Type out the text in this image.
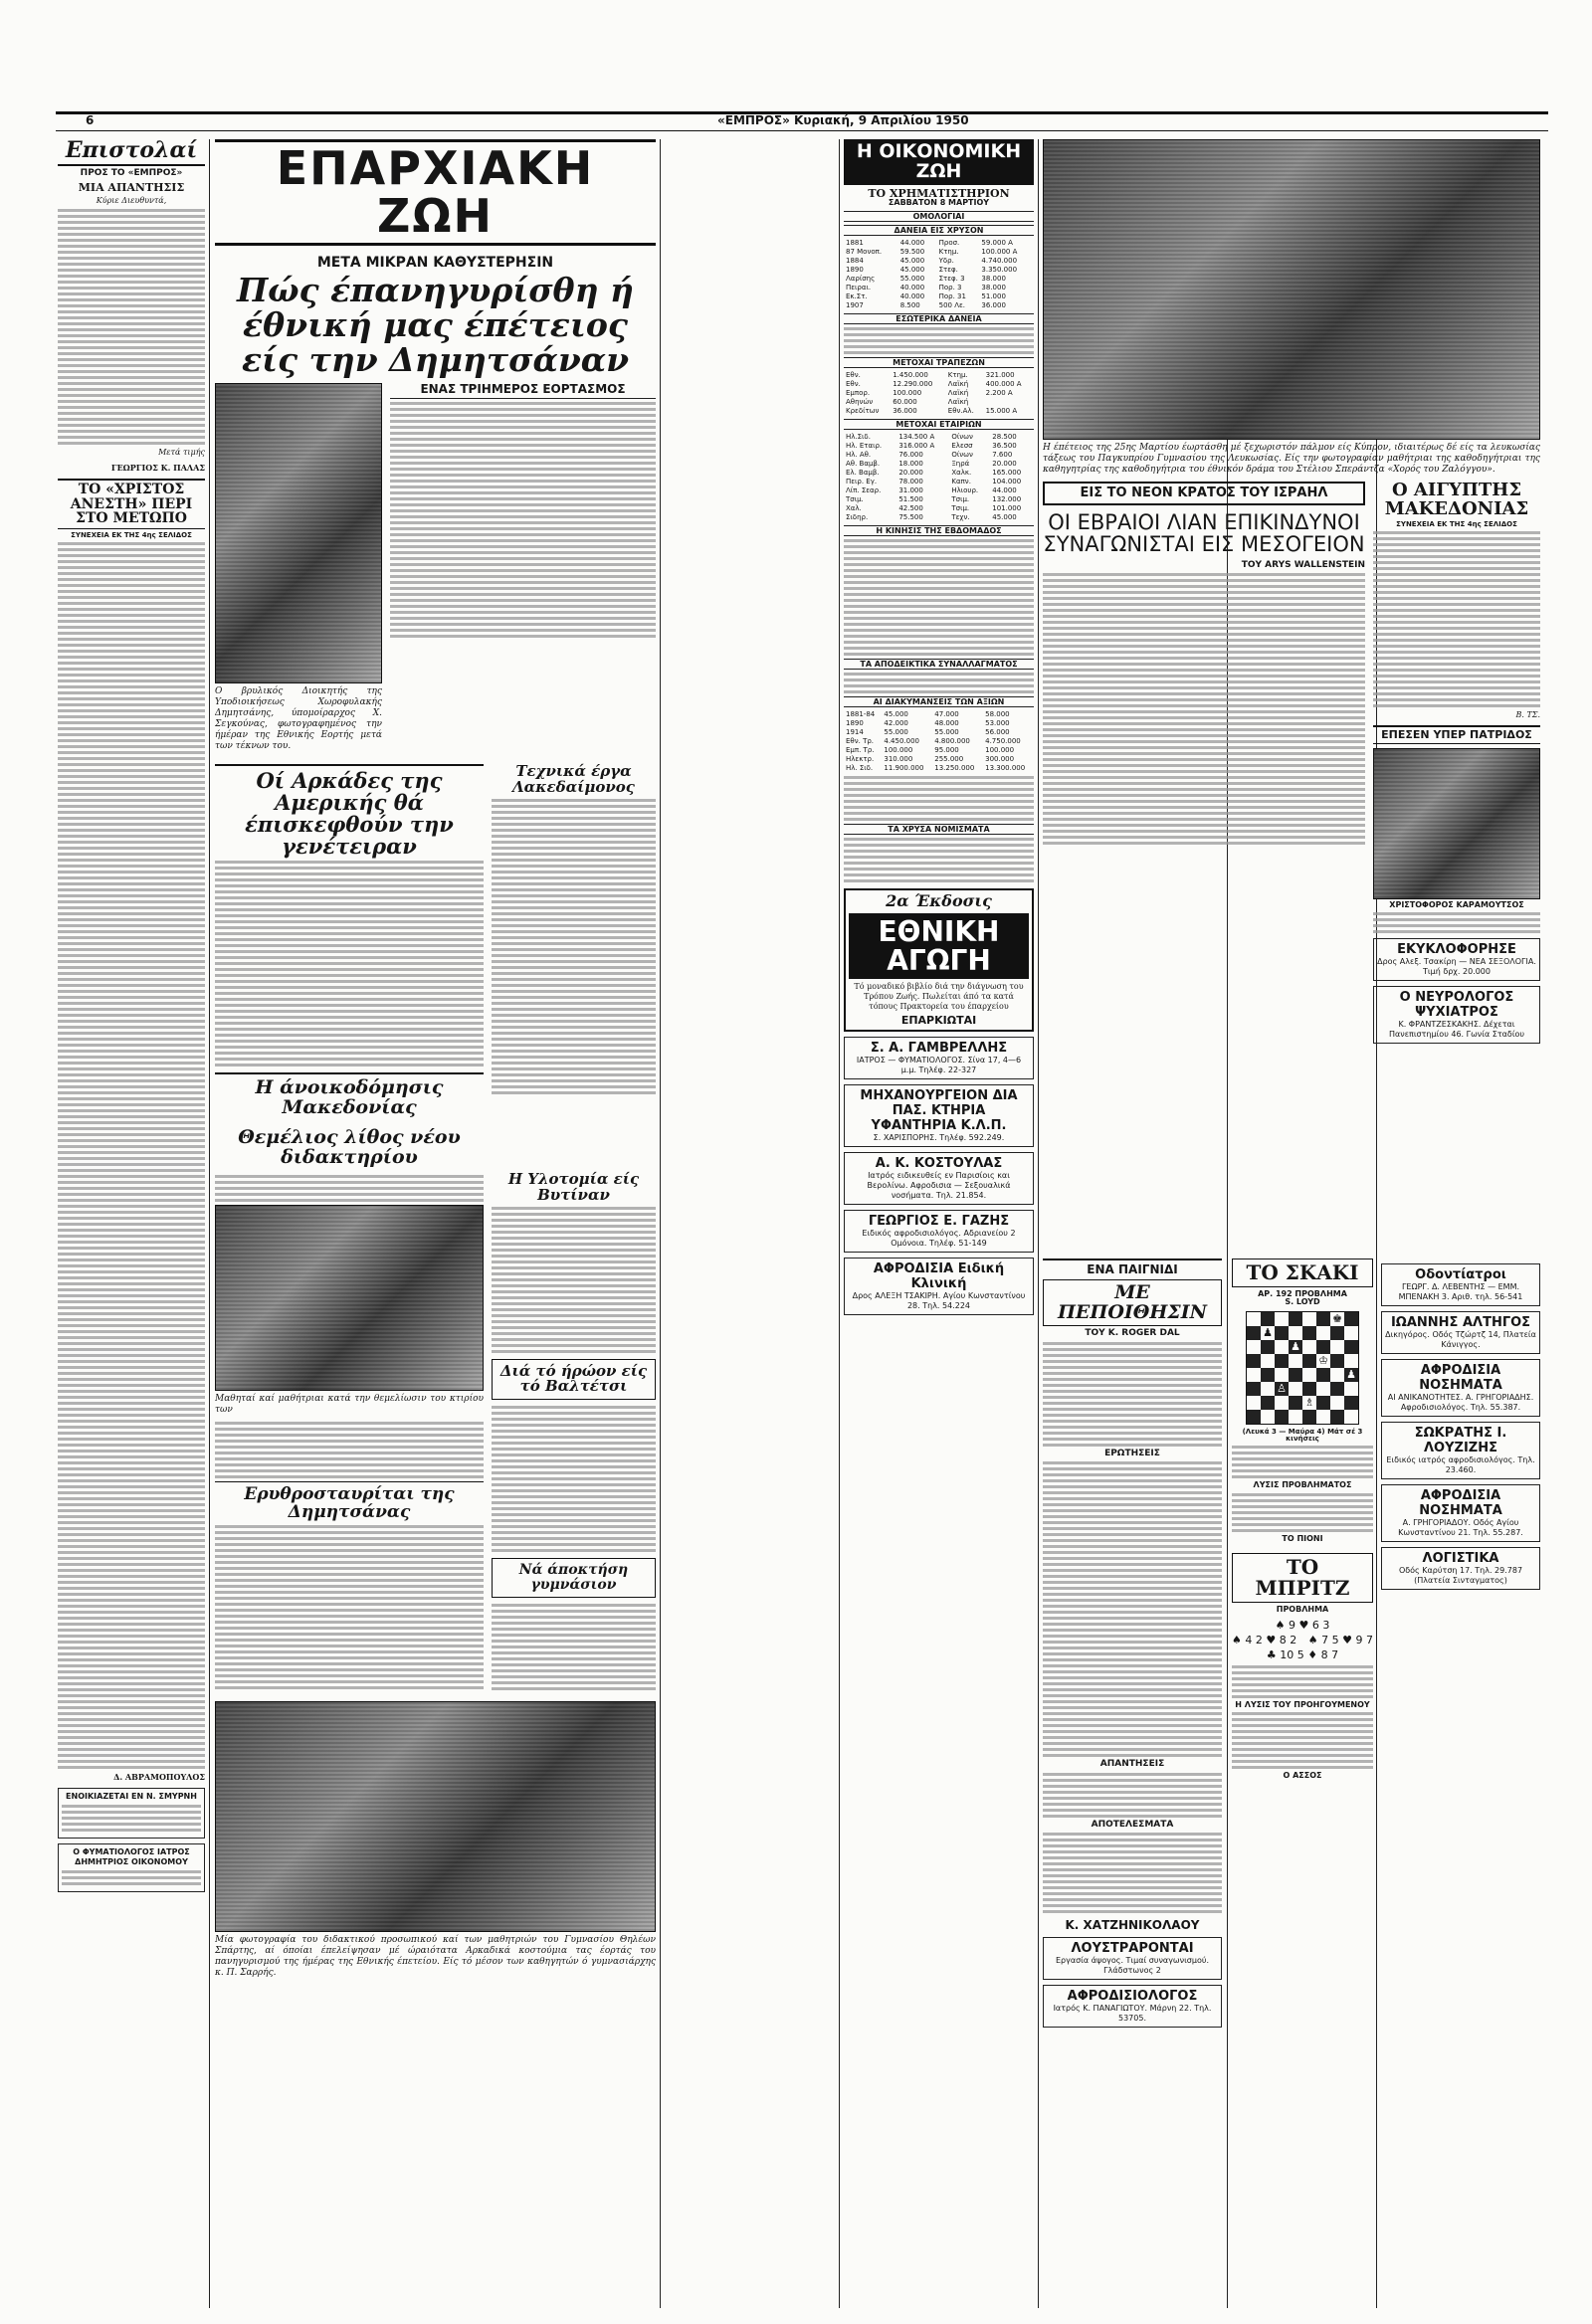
6	«ΕΜΠΡΟΣ» Κυριακή, 9 Απριλίου 1950
Επιστολαί
ΠΡΟΣ ΤΟ «ΕΜΠΡΟΣ»
ΜΙΑ ΑΠΑΝΤΗΣΙΣ

Κύριε Διευθυντά,

Μετά τιμής

ΓΕΩΡΓΙΟΣ Κ. ΠΑΛΑΣ

ΤΟ «ΧΡΙΣΤΟΣ ΑΝΕΣΤΗ» ΠΕΡΙ ΣΤΟ ΜΕΤΩΠΟ
ΣΥΝΕΧΕΙΑ ΕΚ ΤΗΣ 4ης ΣΕΛΙΔΟΣ

Δ. ΑΒΡΑΜΟΠΟΥΛΟΣ

ΕΝΟΙΚΙΑΖΕΤΑΙ ΕΝ Ν. ΣΜΥΡΝΗ
Ο ΦΥΜΑΤΙΟΛΟΓΟΣ ΙΑΤΡΟΣ ΔΗΜΗΤΡΙΟΣ ΟΙΚΟΝΟΜΟΥ
ΕΠΑΡΧΙΑΚΗ ΖΩΗ
ΜΕΤΑ ΜΙΚΡΑΝ ΚΑΘΥΣΤΕΡΗΣΙΝ
Πώς έπανηγυρίσθη ή έθνική μας έπέτειος είς την Δημητσάναν

Ο βρυλικός Διοικητής της Υποδιοικήσεως Χωροφυλακής Δημητσάνης, ύπομοίραρχος Χ. Σεγκούνας, φωτογραφημένος την ήμέραν της Εθνικής Εορτής μετά των τέκνων του.

ΕΝΑΣ ΤΡΙΗΜΕΡΟΣ ΕΟΡΤΑΣΜΟΣ
Οί Αρκάδες της Αμερικής θά έπισκεφθούν την γενέτειραν
Η άνοικοδόμησις Μακεδονίας
Θεμέλιος λίθος νέου διδακτηρίου
Τεχνικά έργα Λακεδαίμονος

Μαθηταί καί μαθήτριαι κατά την θεμελίωσιν του κτιρίου των

Ερυθροσταυρίται της Δημητσάνας
Η Υλοτομία είς Βυτίναν
Διά τό ήρώον είς τό Βαλτέτσι
Νά άποκτήση γυμνάσιον

Μία φωτογραφία του διδακτικού προσωπικού καί των μαθητριών του Γυμνασίου Θηλέων Σπάρτης, αί όποίαι έπελείψησαν μέ ώραιότατα Αρκαδικά κοστούμια τας έορτάς του πανηγυρισμού της ήμέρας της Εθνικής έπετείου. Είς τό μέσον των καθηγητών ό γυμνασιάρχης κ. Π. Σαρρής.

Η ΟΙΚΟΝΟΜΙΚΗ ΖΩΗ
ΤΟ ΧΡΗΜΑΤΙΣΤΗΡΙΟΝ
ΣΑΒΒΑΤΟΝ 8 ΜΑΡΤΙΟΥ
ΟΜΟΛΟΓΙΑΙ
ΔΑΝΕΙΑ ΕΙΣ ΧΡΥΣΟΝ
1881	44.000	Προσ.	59.000 Α
87 Μονοπ.	59.500	Κτημ.	100.000 Α
1884	45.000	Υδρ.	4.740.000
1890	45.000	Στεφ.	3.350.000
Λαρίσης	55.000	Στεφ. 3	38.000
Πειραι.	40.000	Πορ. 3	38.000
Εκ.Στ.	40.000	Πορ. 31	51.000
1907	8.500	500 Λε.	36.000
ΕΣΩΤΕΡΙΚΑ ΔΑΝΕΙΑ
ΜΕΤΟΧΑΙ ΤΡΑΠΕΖΩΝ
Εθν.	1.450.000	Κτημ.	321.000
Εθν.	12.290.000	Λαϊκή	400.000 Α
Εμπορ.	100.000	Λαϊκή	2.200 Α
Αθηνών	60.000	Λαϊκή	
Κρεδίτων	36.000	Εθν.Αλ.	15.000 Α
ΜΕΤΟΧΑΙ ΕΤΑΙΡΙΩΝ
Ηλ.Σιδ.	134.500 Α	Οίνων	28.500
Ηλ. Εταιρ.	316.000 Α	Ελεσσ	36.500
Ηλ. Αθ.	76.000	Οίνων	7.600
Αθ. Βαμβ.	18.000	Ξηρά	20.000
Ελ. Βαμβ.	20.000	Χαλκ.	165.000
Πειρ. Εγ.	78.000	Καπν.	104.000
Λίπ. Σεαρ.	31.000	Ηλιουρ.	44.000
Τσιμ.	51.500	Τσιμ.	132.000
Χαλ.	42.500	Τσιμ.	101.000
Σιδηρ.	75.500	Τεχν.	45.000
Η ΚΙΝΗΣΙΣ ΤΗΣ ΕΒΔΟΜΑΔΟΣ
ΤΑ ΑΠΟΔΕΙΚΤΙΚΑ ΣΥΝΑΛΛΑΓΜΑΤΟΣ
ΑΙ ΔΙΑΚΥΜΑΝΣΕΙΣ ΤΩΝ ΑΞΙΩΝ
1881-84	45.000	47.000	58.000
1890	42.000	48.000	53.000
1914	55.000	55.000	56.000
Εθν. Τρ.	4.450.000	4.800.000	4.750.000
Εμπ. Τρ.	100.000	95.000	100.000
Ηλεκτρ.	310.000	255.000	300.000
Ηλ. Σιδ.	11.900.000	13.250.000	13.300.000
ΤΑ ΧΡΥΣΑ ΝΟΜΙΣΜΑΤΑ
2α Έκδοσις
ΕΘΝΙΚΗ ΑΓΩΓΗ

Τό μοναδικό βιβλίο διά την διάγνωση του Τρόπου Ζωής. Πωλείται άπό τα κατά τόπους Πρακτορεία του έπαρχείου

ΕΠΑΡΚΙΩΤΑΙ
Σ. Α. ΓΑΜΒΡΕΛΛΗΣ
ΙΑΤΡΟΣ — ΦΥΜΑΤΙΟΛΟΓΟΣ. Σίνα 17, 4—6 μ.μ. Τηλέφ. 22-327
ΜΗΧΑΝΟΥΡΓΕΙΟΝ ΔΙΑ ΠΑΣ. ΚΤΗΡΙΑ ΥΦΑΝΤΗΡΙΑ Κ.Λ.Π.
Σ. ΧΑΡΙΣΠΟΡΗΣ. Τηλέφ. 592.249.
Α. Κ. ΚΟΣΤΟΥΛΑΣ
Ιατρός ειδικευθείς εν Παρισίοις και Βερολίνω. Αφροδισια — Σεξουαλικά νοσήματα. Τηλ. 21.854.
ΓΕΩΡΓΙΟΣ Ε. ΓΑΖΗΣ
Ειδικός αφροδισιολόγος. Αδριανείου 2 Ομόνοια. Τηλέφ. 51-149
ΑΦΡΟΔΙΣΙΑ Ειδική Κλινική
Δρος ΑΛΕΞΗ ΤΣΑΚΙΡΗ. Αγίου Κωνσταντίνου 28. Τηλ. 54.224

Η έπέτειος της 25ης Μαρτίου έωρτάσθη μέ ξεχωριστόν πάλμον είς Κύπρον, ιδιαιτέρως δέ είς τα λευκωσίας τάξεως του Παγκυπρίου Γυμνασίου της Λευκωσίας. Είς την φωτογραφίαν μαθήτριαι της καθοδηγήτριαι της καθηγητρίας της καθοδηγήτρια του έθνικόν δράμα του Στέλιου Σπεράντζα «Χορός του Ζαλόγγου».

ΕΙΣ ΤΟ ΝΕΟΝ ΚΡΑΤΟΣ ΤΟΥ ΙΣΡΑΗΛ
ΟΙ ΕΒΡΑΙΟΙ ΛΙΑΝ ΕΠΙΚΙΝΔΥΝΟΙ ΣΥΝΑΓΩΝΙΣΤΑΙ ΕΙΣ ΜΕΣΟΓΕΙΟΝ
ΤΟΥ ARYS WALLENSTEIN
Ο ΑΙΓΥΠΤΗΣ ΜΑΚΕΔΟΝΙΑΣ
ΣΥΝΕΧΕΙΑ ΕΚ ΤΗΣ 4ης ΣΕΛΙΔΟΣ

Β. ΤΣ.

ΕΠΕΣΕΝ ΥΠΕΡ ΠΑΤΡΙΔΟΣ
ΧΡΙΣΤΟΦΟΡΟΣ ΚΑΡΑΜΟΥΤΣΟΣ
ΕΚΥΚΛΟΦΟΡΗΣΕ
Δρος Αλεξ. Τσακίρη — ΝΕΑ ΣΕΞΟΛΟΓΙΑ. Τιμή δρχ. 20.000
Ο ΝΕΥΡΟΛΟΓΟΣ ΨΥΧΙΑΤΡΟΣ
Κ. ΦΡΑΝΤΖΕΣΚΑΚΗΣ. Δέχεται Πανεπιστημίου 46. Γωνία Σταδίου
ΕΝΑ ΠΑΙΓΝΙΔΙ
ΜΕ ΠΕΠΟΙΘΗΣΙΝ
ΤΟΥ Κ. ROGER DAL
ΕΡΩΤΗΣΕΙΣ
ΑΠΑΝΤΗΣΕΙΣ
ΑΠΟΤΕΛΕΣΜΑΤΑ
Κ. ΧΑΤΖΗΝΙΚΟΛΑΟΥ
ΛΟΥΣΤΡΑΡΟΝΤΑΙ
Εργασία άψογος. Τιμαί συναγωνισμού. Γλάδστωνος 2
ΑΦΡΟΔΙΣΙΟΛΟΓΟΣ
Ιατρός Κ. ΠΑΝΑΓΙΩΤΟΥ. Μάρνη 22. Τηλ. 53705.
ΤΟ ΣΚΑΚΙ
ΑΡ. 192 ΠΡΟΒΛΗΜΑ
S. LOYD
♚
♟
♟
♔
♟
♙
♗
(Λευκά 3 — Μαύρα 4) Μάτ σέ 3 κινήσεις
ΛΥΣΙΣ ΠΡΟΒΛΗΜΑΤΟΣ
ΤΟ ΠΙΟΝΙ
ΤΟ ΜΠΡΙΤΖ
ΠΡΟΒΛΗΜΑ
♠ 9 ♥ 6 3
♠ 4 2 ♥ 8 2 ♠ 7 5 ♥ 9 7
♣ 10 5 ♦ 8 7
Η ΛΥΣΙΣ ΤΟΥ ΠΡΟΗΓΟΥΜΕΝΟΥ
Ο ΑΣΣΟΣ
Οδοντίατροι
ΓΕΩΡΓ. Δ. ΛΕΒΕΝΤΗΣ — ΕΜΜ. ΜΠΕΝΑΚΗ 3. Αριθ. τηλ. 56-541
ΙΩΑΝΝΗΣ ΑΛΤΗΓΟΣ
Δικηγόρος. Οδός Τζώρτζ 14, Πλατεία Κάνιγγος.
ΑΦΡΟΔΙΣΙΑ ΝΟΣΗΜΑΤΑ
ΑΙ ΑΝΙΚΑΝΟΤΗΤΕΣ. Α. ΓΡΗΓΟΡΙΑΔΗΣ. Αφροδισιολόγος. Τηλ. 55.387.
ΣΩΚΡΑΤΗΣ Ι. ΛΟΥΖΙΖΗΣ
Ειδικός ιατρός αφροδισιολόγος. Τηλ. 23.460.
ΑΦΡΟΔΙΣΙΑ ΝΟΣΗΜΑΤΑ
Α. ΓΡΗΓΟΡΙΑΔΟΥ. Οδός Αγίου Κωνσταντίνου 21. Τηλ. 55.287.
ΛΟΓΙΣΤΙΚΑ
Οδός Καρύτση 17. Τηλ. 29.787 (Πλατεία Σινταγματος)
